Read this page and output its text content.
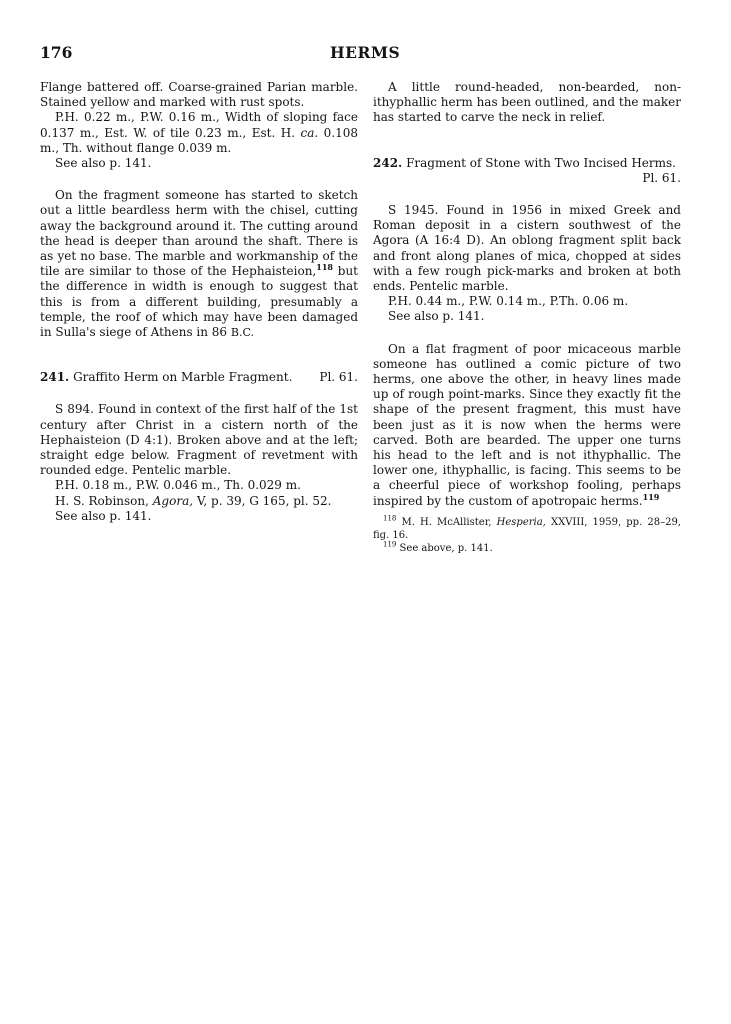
176	HERMS

Flange battered off. Coarse-grained Parian marble. Stained yellow and marked with rust spots.

P.H. 0.22 m., P.W. 0.16 m., Width of sloping face 0.137 m., Est. W. of tile 0.23 m., Est. H. ca. 0.108 m., Th. without flange 0.039 m.

See also p. 141.

On the fragment someone has started to sketch out a little beardless herm with the chisel, cutting away the background around it. The cutting around the head is deeper than around the shaft. There is as yet no base. The marble and workmanship of the tile are similar to those of the Hephaisteion,$^{118}$ but the difference in width is enough to suggest that this is from a different building, presumably a temple, the roof of which may have been damaged in Sulla's siege of Athens in 86 B.C.

241. Graffito Herm on Marble Fragment. Pl. 61.

S 894. Found in context of the first half of the 1st century after Christ in a cistern north of the Hephaisteion (D 4:1). Broken above and at the left; straight edge below. Fragment of revetment with rounded edge. Pentelic marble.

P.H. 0.18 m., P.W. 0.046 m., Th. 0.029 m.

H. S. Robinson, Agora, V, p. 39, G 165, pl. 52.

See also p. 141.

A little round-headed, non-bearded, non-ithyphallic herm has been outlined, and the maker has started to carve the neck in relief.

242. Fragment of Stone with Two Incised Herms.
Pl. 61.

S 1945. Found in 1956 in mixed Greek and Roman deposit in a cistern southwest of the Agora (A 16:4 D). An oblong fragment split back and front along planes of mica, chopped at sides with a few rough pick-marks and broken at both ends. Pentelic marble.

P.H. 0.44 m., P.W. 0.14 m., P.Th. 0.06 m.

See also p. 141.

On a flat fragment of poor micaceous marble someone has outlined a comic picture of two herms, one above the other, in heavy lines made up of rough point-marks. Since they exactly fit the shape of the present fragment, this must have been just as it is now when the herms were carved. Both are bearded. The upper one turns his head to the left and is not ithyphallic. The lower one, ithyphallic, is facing. This seems to be a cheerful piece of workshop fooling, perhaps inspired by the custom of apotropaic herms.$^{119}$

$^{118}$ M. H. McAllister, Hesperia, XXVIII, 1959, pp. 28–29, fig. 16.

$^{119}$ See above, p. 141.
